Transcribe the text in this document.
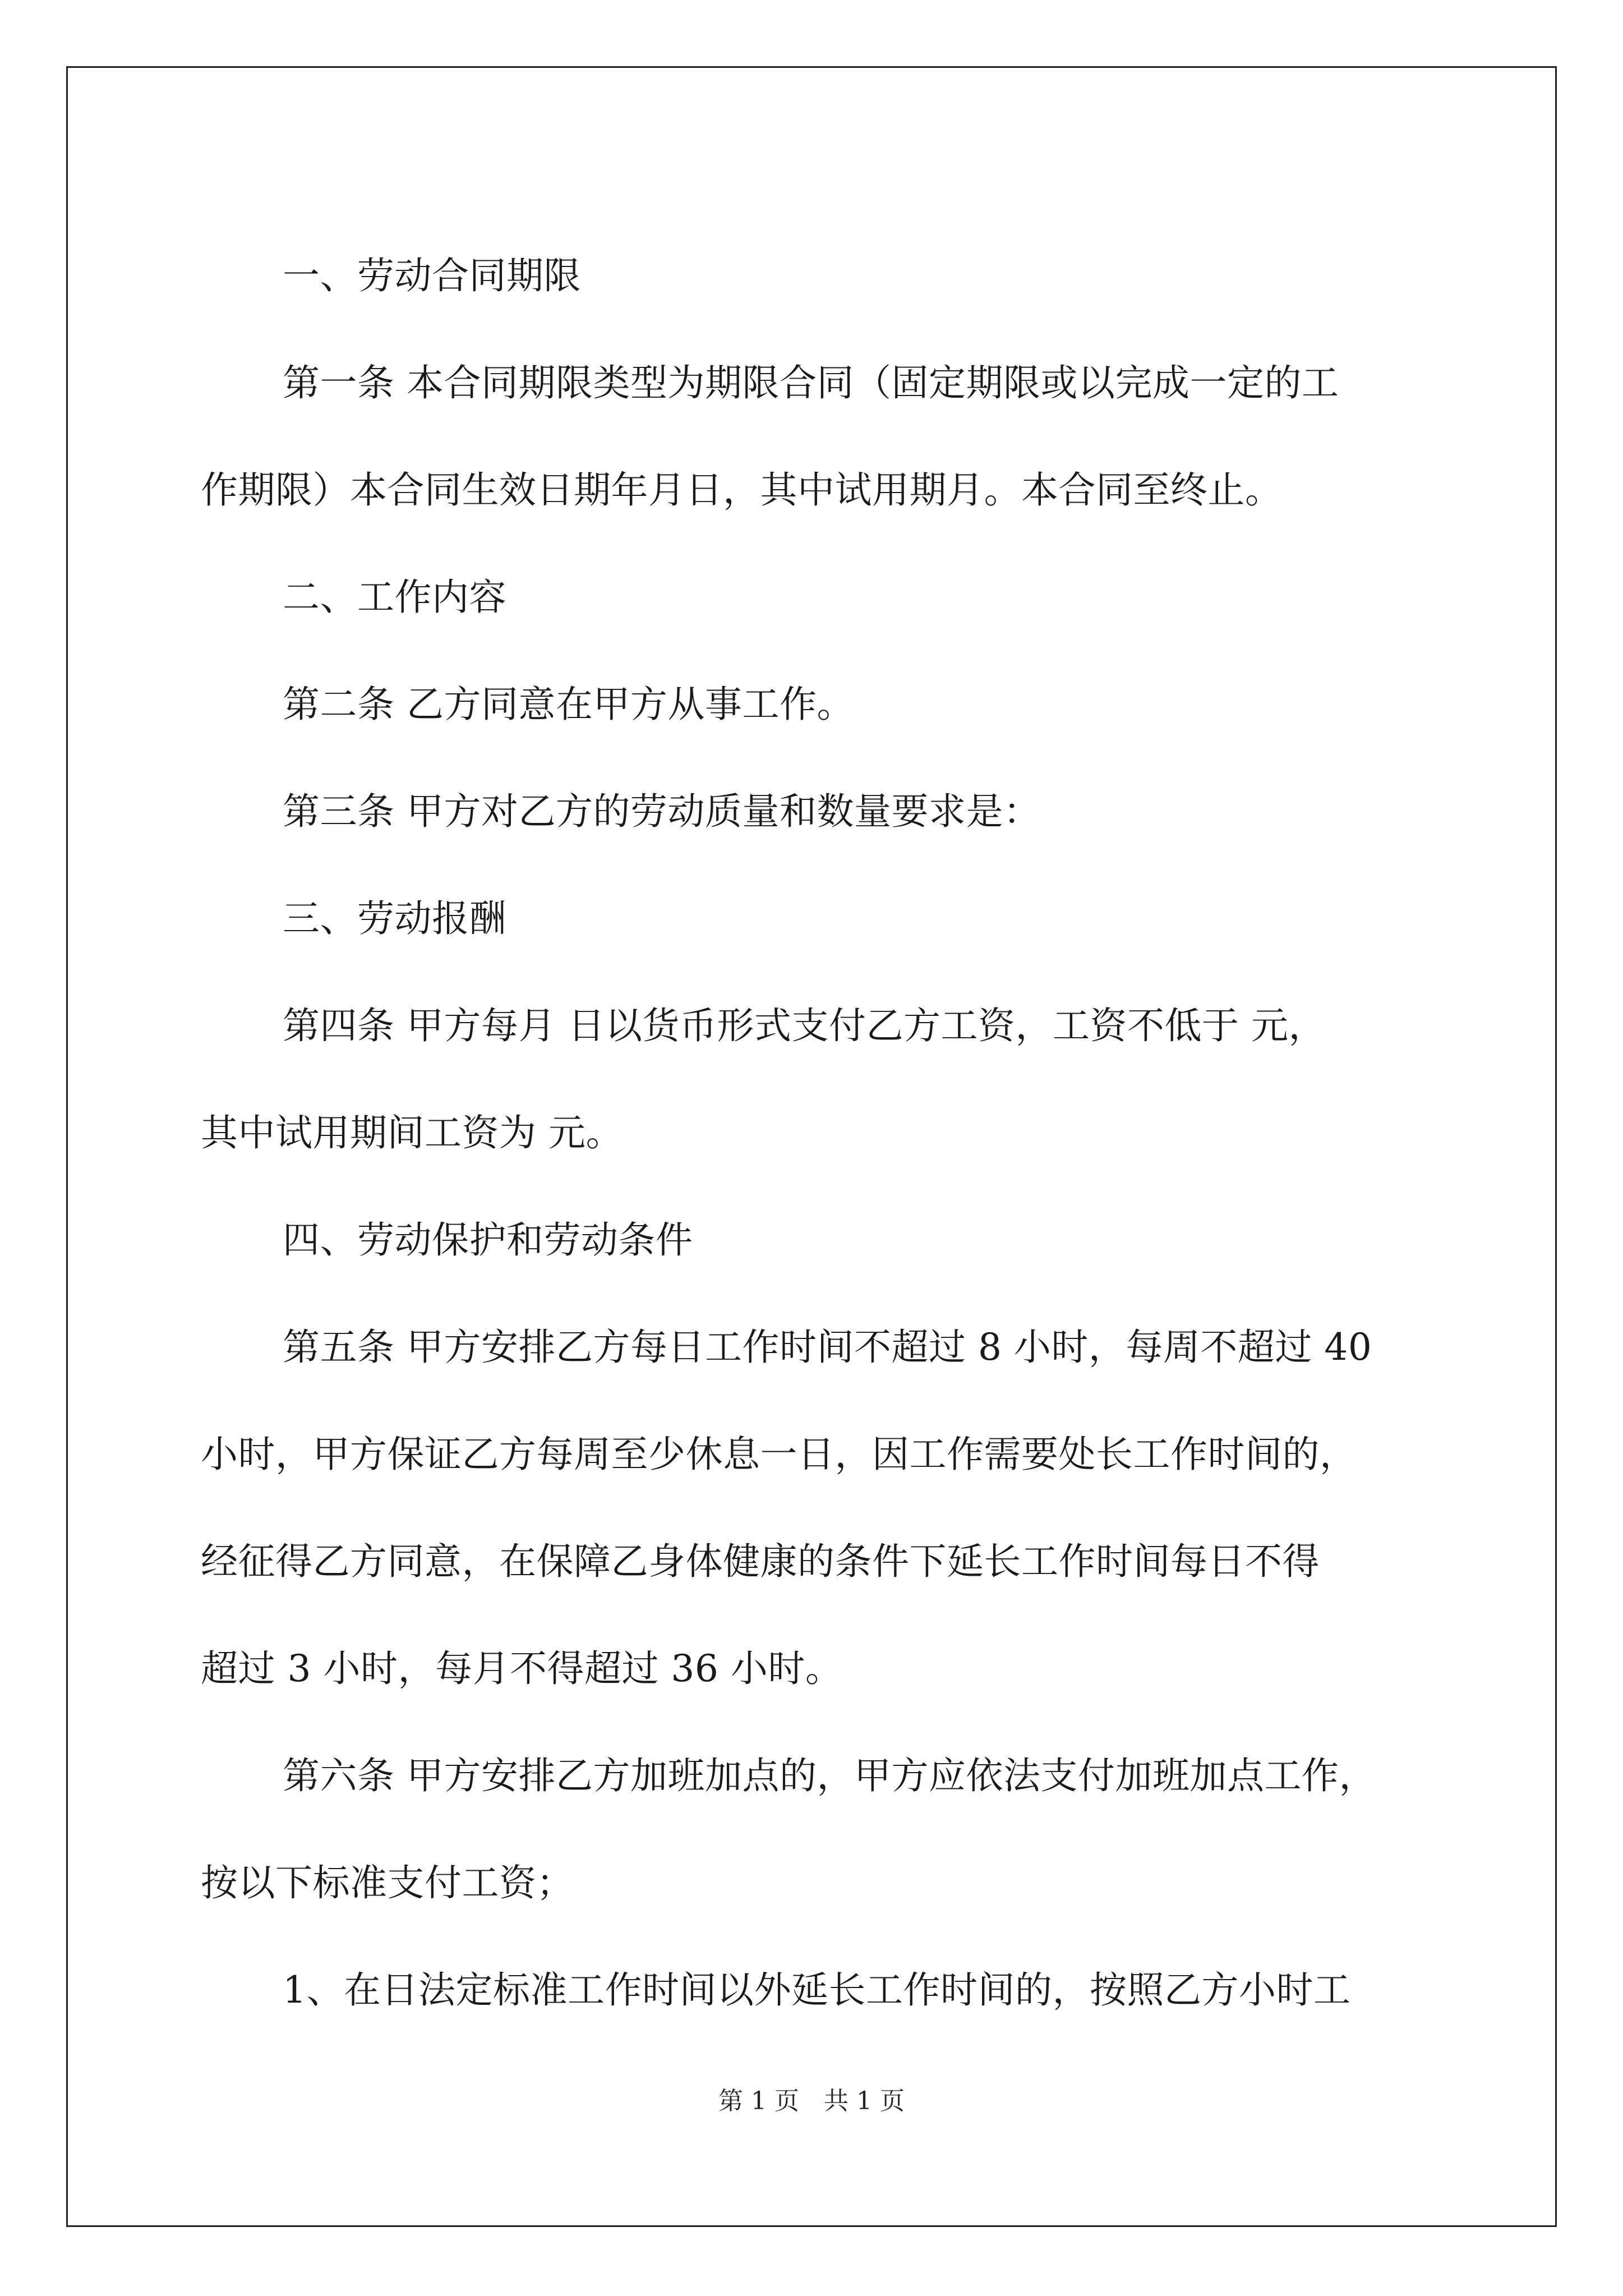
一、劳动合同期限

第一条 本合同期限类型为期限合同（固定期限或以完成一定的工

作期限）本合同生效日期年月日，其中试用期月。本合同至终止。

二、工作内容

第二条 乙方同意在甲方从事工作。

第三条 甲方对乙方的劳动质量和数量要求是：

三、劳动报酬

第四条 甲方每月 日以货币形式支付乙方工资，工资不低于 元，

其中试用期间工资为 元。

四、劳动保护和劳动条件

第五条 甲方安排乙方每日工作时间不超过 8 小时，每周不超过 40

小时，甲方保证乙方每周至少休息一日，因工作需要处长工作时间的，
经征得乙方同意，在保障乙身体健康的条件下延长工作时间每日不得
超过 3 小时，每月不得超过 36 小时。

第六条 甲方安排乙方加班加点的，甲方应依法支付加班加点工作，

按以下标准支付工资；

1、在日法定标准工作时间以外延长工作时间的，按照乙方小时工

第 1 页 共 1 页
